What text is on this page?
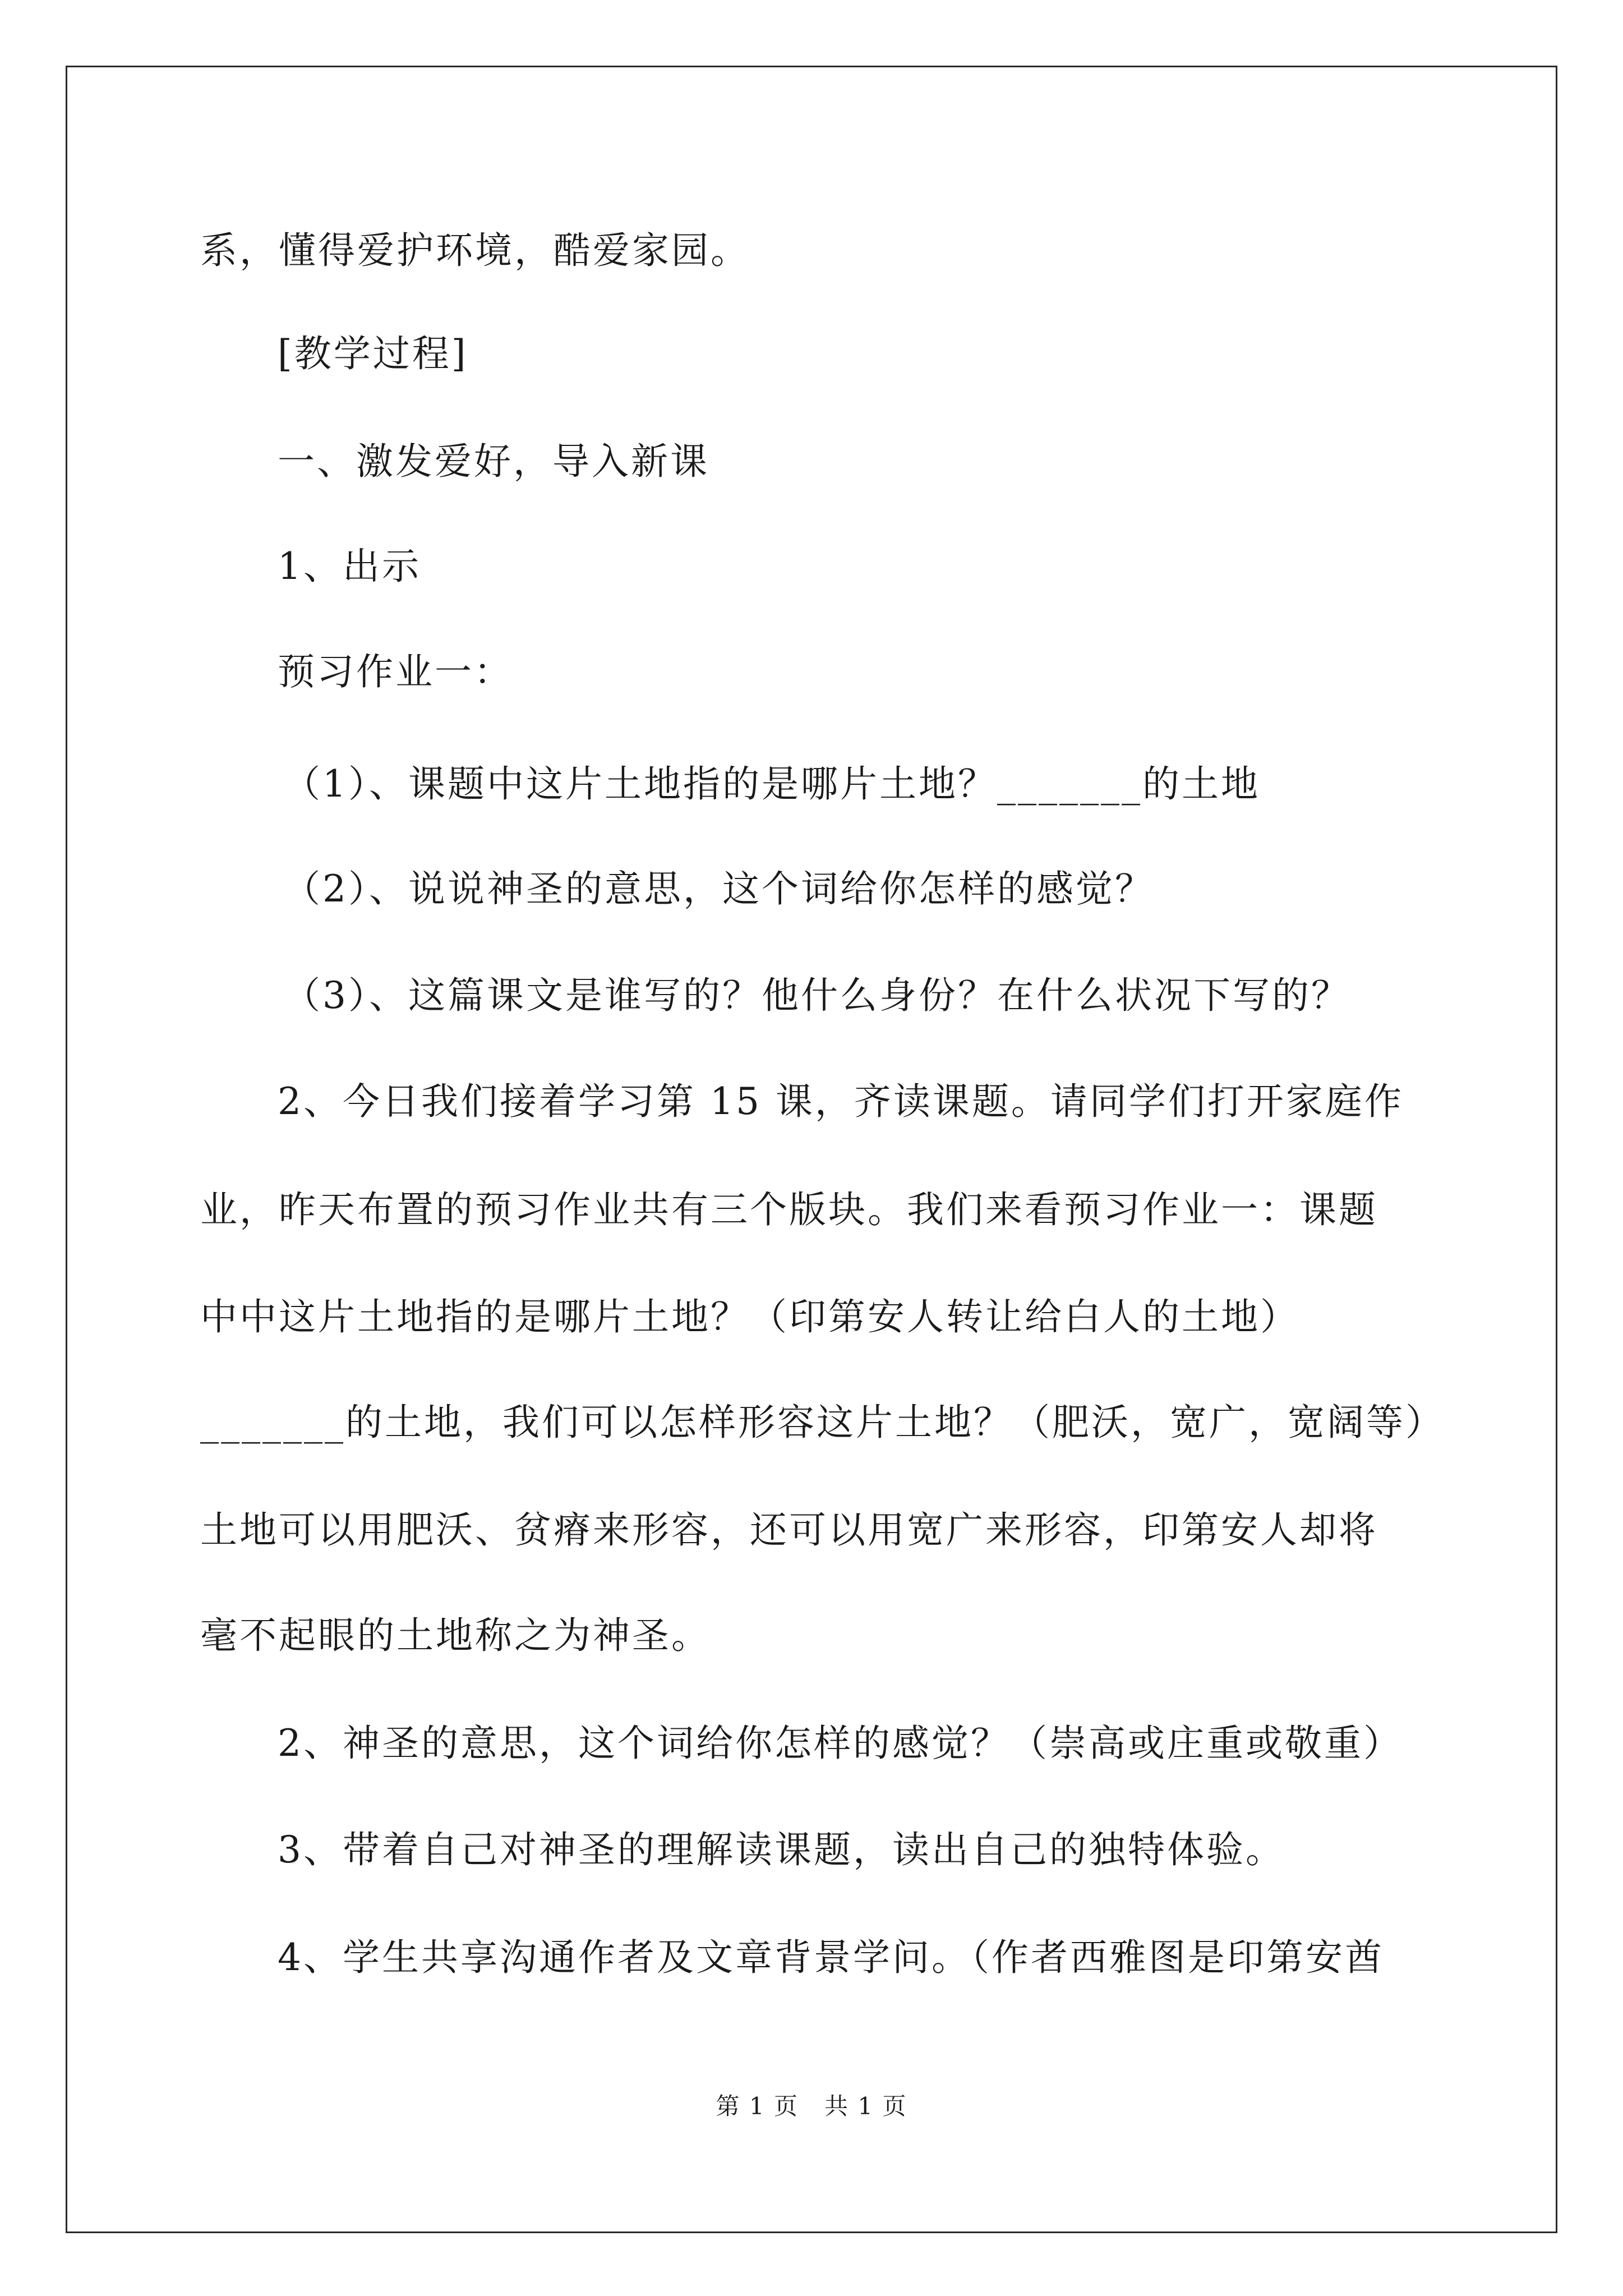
系，懂得爱护环境，酷爱家园。
[教学过程]
一、激发爱好，导入新课
1、出示
预习作业一：
（1）、课题中这片土地指的是哪片土地？_______的土地
（2）、说说神圣的意思，这个词给你怎样的感觉？
（3）、这篇课文是谁写的？他什么身份？在什么状况下写的？
2、今日我们接着学习第 15 课，齐读课题。请同学们打开家庭作
业，昨天布置的预习作业共有三个版块。我们来看预习作业一：课题
中中这片土地指的是哪片土地？（印第安人转让给白人的土地）
_______的土地，我们可以怎样形容这片土地？（肥沃，宽广，宽阔等）
土地可以用肥沃、贫瘠来形容，还可以用宽广来形容，印第安人却将
毫不起眼的土地称之为神圣。
2、神圣的意思，这个词给你怎样的感觉？（崇高或庄重或敬重）
3、带着自己对神圣的理解读课题，读出自己的独特体验。
4、学生共享沟通作者及文章背景学问。（作者西雅图是印第安酋
第 1 页   共 1 页
